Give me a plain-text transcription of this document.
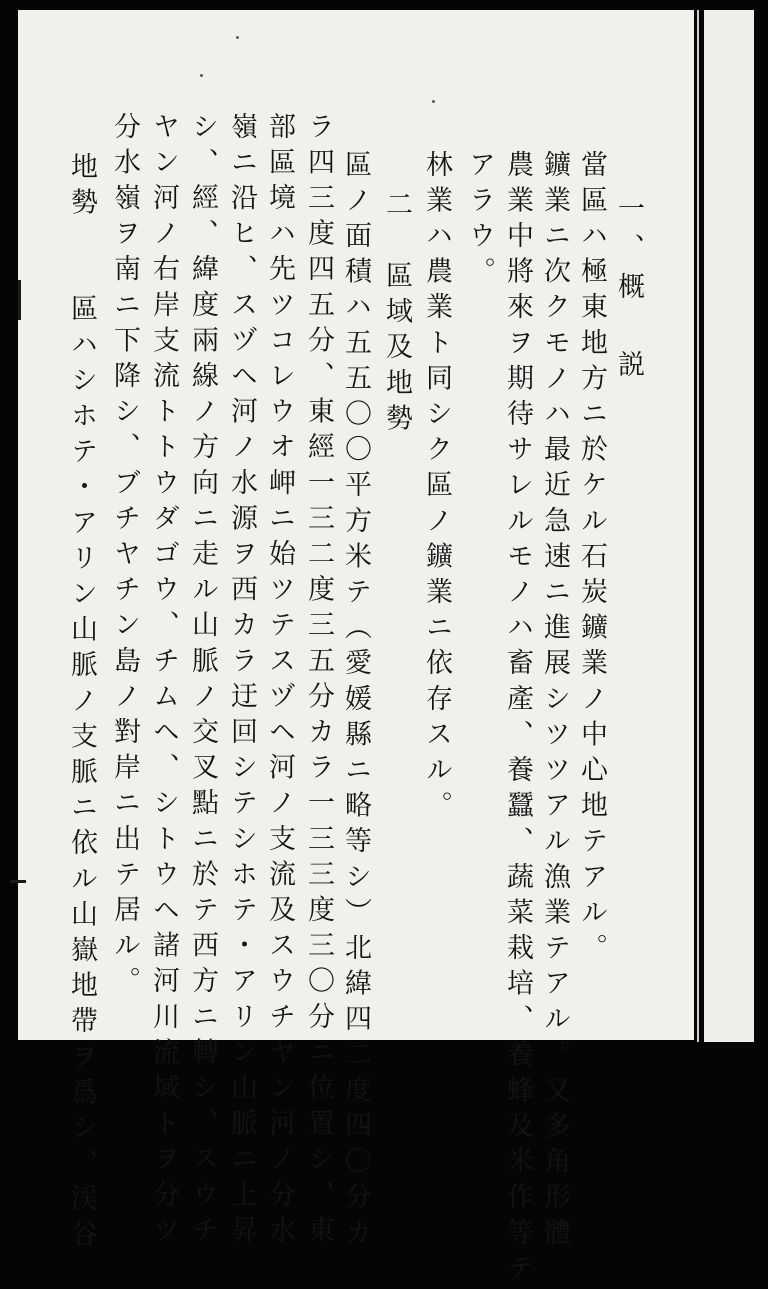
一、概　説
當區ハ極東地方ニ於ケル石炭鑛業ノ中心地テアル。
鑛業ニ次クモノハ最近急速ニ進展シツツアル漁業テアル。又多角形體
農業中將來ヲ期待サレルモノハ畜產、養蠶、蔬菜栽培、養蜂及米作等テ
アラウ。
林業ハ農業ト同シク區ノ鑛業ニ依存スル。
二　區域及地勢
區ノ面積ハ五五〇〇平方米テ（愛媛縣ニ略等シ）北緯四二度四〇分カ
ラ四三度四五分、東經一三二度三五分カラ一三三度三〇分ニ位置シ、東
部區境ハ先ツコレウオ岬ニ始ツテスヅヘ河ノ支流及スウチヤン河ノ分水
嶺ニ沿ヒ、スヅヘ河ノ水源ヲ西カラ迂回シテシホテ・アリン山脈ニ上昇
シ、經、緯度兩線ノ方向ニ走ル山脈ノ交叉點ニ於テ西方ニ轉シ、スウチ
ヤン河ノ右岸支流トトウダゴウ、チムヘ、シトウヘ諸河川流域トヲ分ツ
分水嶺ヲ南ニ下降シ、ブチヤチン島ノ對岸ニ出テ居ル。
地勢　　區ハシホテ・アリン山脈ノ支脈ニ依ル山嶽地帶ヲ爲シ、渓谷
